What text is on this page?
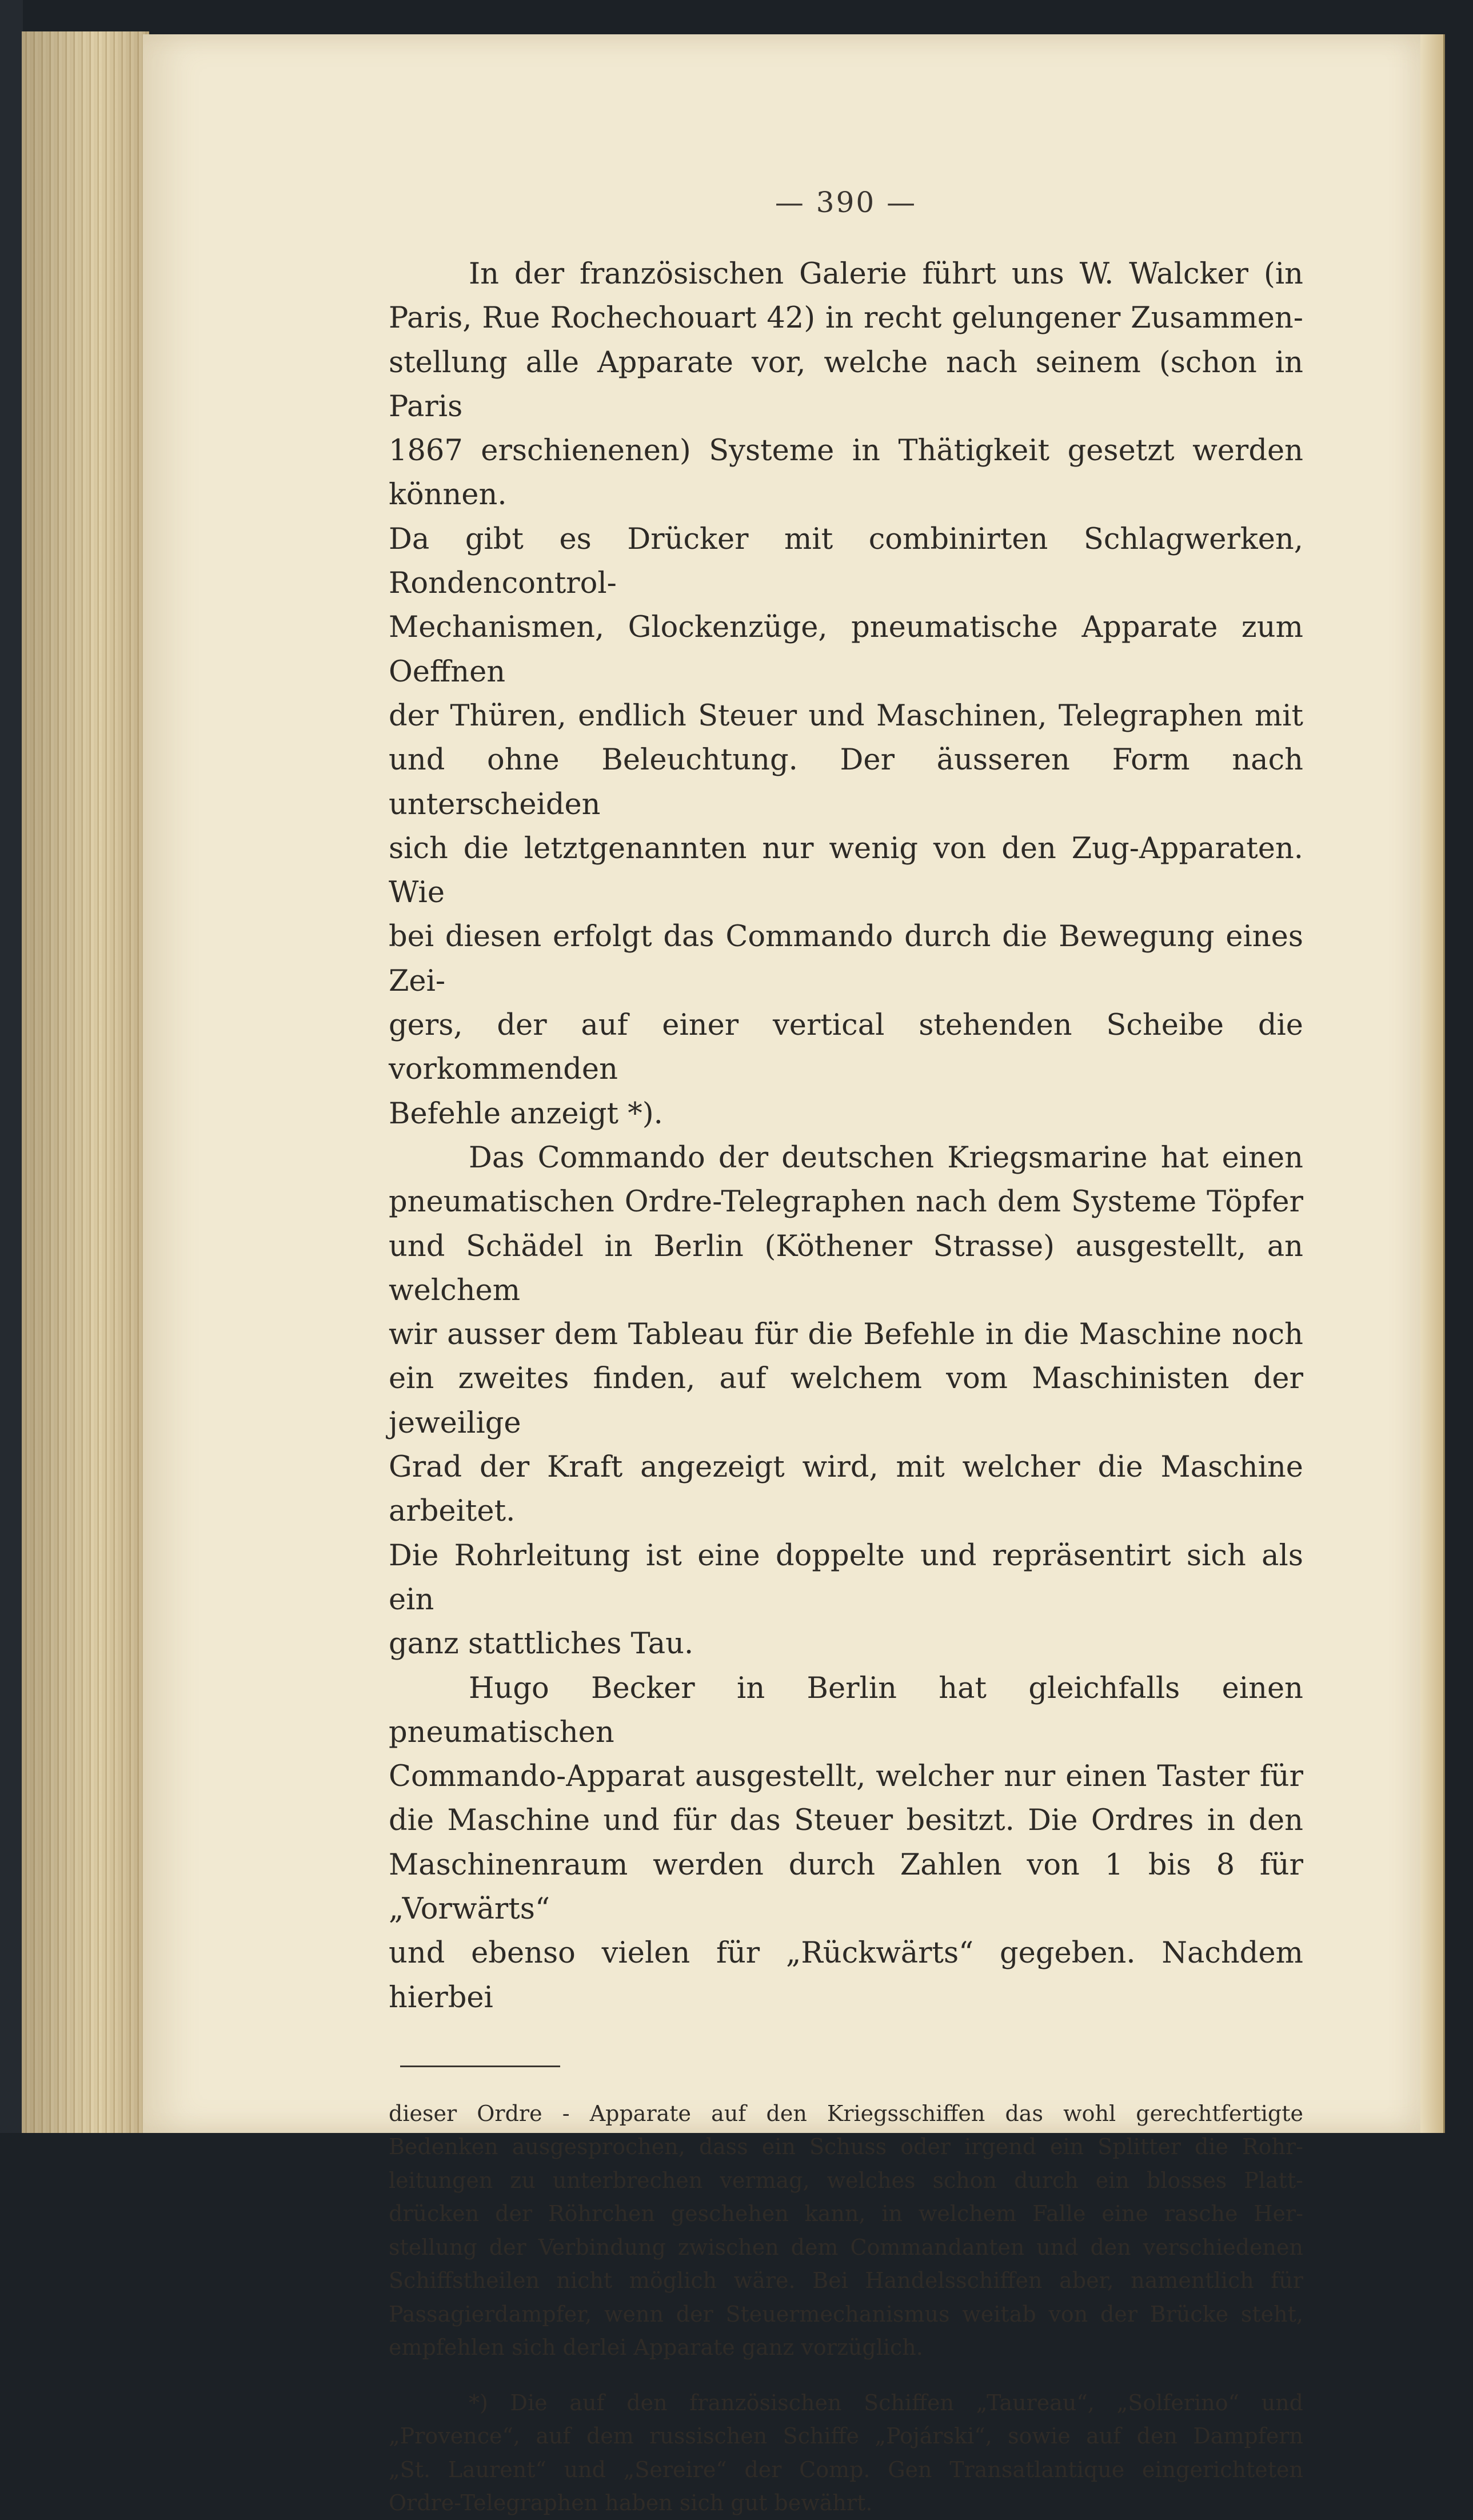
— 390 —

In der französischen Galerie führt uns W. Walcker (in

Paris, Rue Rochechouart 42) in recht gelungener Zusammen-

stellung alle Apparate vor, welche nach seinem (schon in Paris

1867 erschienenen) Systeme in Thätigkeit gesetzt werden können.

Da gibt es Drücker mit combinirten Schlagwerken, Rondencontrol-

Mechanismen, Glockenzüge, pneumatische Apparate zum Oeffnen

der Thüren, endlich Steuer und Maschinen, Telegraphen mit

und ohne Beleuchtung. Der äusseren Form nach unterscheiden

sich die letztgenannten nur wenig von den Zug-Apparaten. Wie

bei diesen erfolgt das Commando durch die Bewegung eines Zei-

gers, der auf einer vertical stehenden Scheibe die vorkommenden

Befehle anzeigt *).

Das Commando der deutschen Kriegsmarine hat einen

pneumatischen Ordre-Telegraphen nach dem Systeme Töpfer

und Schädel in Berlin (Köthener Strasse) ausgestellt, an welchem

wir ausser dem Tableau für die Befehle in die Maschine noch

ein zweites finden, auf welchem vom Maschinisten der jeweilige

Grad der Kraft angezeigt wird, mit welcher die Maschine arbeitet.

Die Rohrleitung ist eine doppelte und repräsentirt sich als ein

ganz stattliches Tau.

Hugo Becker in Berlin hat gleichfalls einen pneumatischen

Commando-Apparat ausgestellt, welcher nur einen Taster für

die Maschine und für das Steuer besitzt. Die Ordres in den

Maschinenraum werden durch Zahlen von 1 bis 8 für „Vorwärts“

und ebenso vielen für „Rückwärts“ gegeben. Nachdem hierbei

dieser Ordre - Apparate auf den Kriegsschiffen das wohl gerechtfertigte

Bedenken ausgesprochen, dass ein Schuss oder irgend ein Splitter die Rohr-

leitungen zu unterbrechen vermag, welches schon durch ein blosses Platt-

drücken der Röhrchen geschehen kann, in welchem Falle eine rasche Her-

stellung der Verbindung zwischen dem Commandanten und den verschiedenen

Schiffstheilen nicht möglich wäre. Bei Handelsschiffen aber, namentlich für

Passagierdampfer, wenn der Steuermechanismus weitab von der Brücke steht,

empfehlen sich derlei Apparate ganz vorzüglich.

*) Die auf den französischen Schiffen „Taureau“, „Solferino“ und

„Provence“, auf dem russischen Schiffe „Pojárski“, sowie auf den Dampfern

„St. Laurent“ und „Sereire“ der Comp. Gen Transatlantique eingerichteten

Ordre-Telegraphen haben sich gut bewährt.
